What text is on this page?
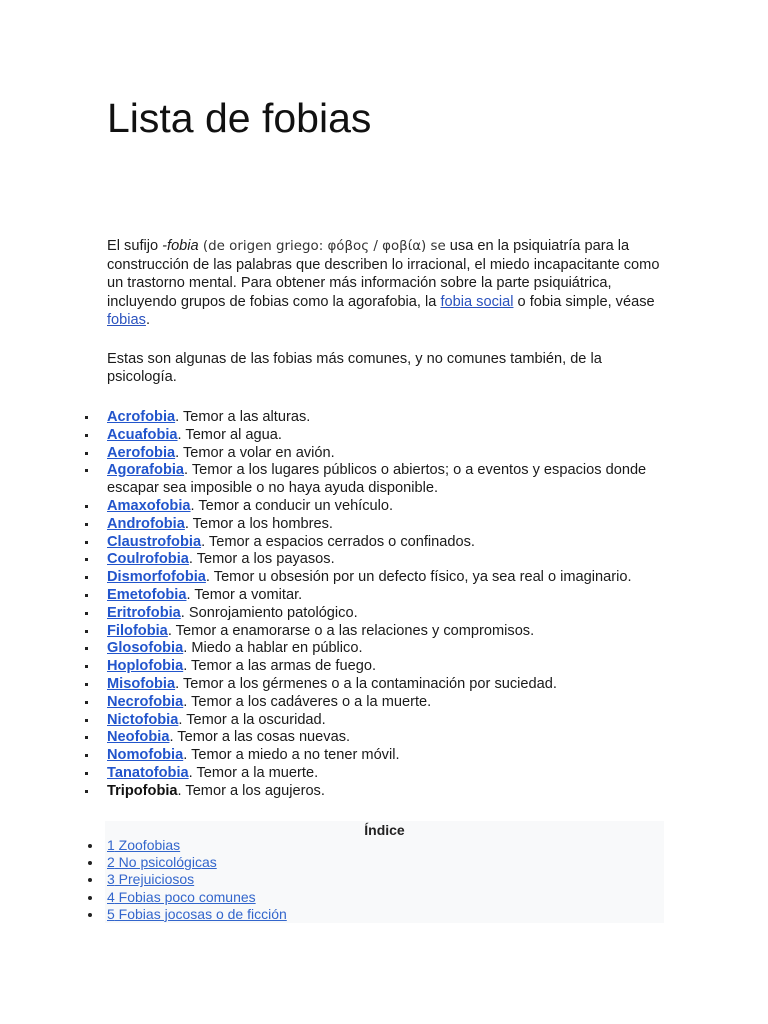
Lista de fobias

El sufijo -fobia (de origen griego: φόβος / φοβία) se usa en la psiquiatría para la construcción de las palabras que describen lo irracional, el miedo incapacitante como un trastorno mental. Para obtener más información sobre la parte psiquiátrica, incluyendo grupos de fobias como la agorafobia, la fobia social o fobia simple, véase fobias.

Estas son algunas de las fobias más comunes, y no comunes también, de la psicología.

Acrofobia. Temor a las alturas.
Acuafobia. Temor al agua.
Aerofobia. Temor a volar en avión.
Agorafobia. Temor a los lugares públicos o abiertos; o a eventos y espacios donde escapar sea imposible o no haya ayuda disponible.
Amaxofobia. Temor a conducir un vehículo.
Androfobia. Temor a los hombres.
Claustrofobia. Temor a espacios cerrados o confinados.
Coulrofobia. Temor a los payasos.
Dismorfofobia. Temor u obsesión por un defecto físico, ya sea real o imaginario.
Emetofobia. Temor a vomitar.
Eritrofobia. Sonrojamiento patológico.
Filofobia. Temor a enamorarse o a las relaciones y compromisos.
Glosofobia. Miedo a hablar en público.
Hoplofobia. Temor a las armas de fuego.
Misofobia. Temor a los gérmenes o a la contaminación por suciedad.
Necrofobia. Temor a los cadáveres o a la muerte.
Nictofobia. Temor a la oscuridad.
Neofobia. Temor a las cosas nuevas.
Nomofobia. Temor a miedo a no tener móvil.
Tanatofobia. Temor a la muerte.
Tripofobia. Temor a los agujeros.
Índice
1 Zoofobias
2 No psicológicas
3 Prejuiciosos
4 Fobias poco comunes
5 Fobias jocosas o de ficción
